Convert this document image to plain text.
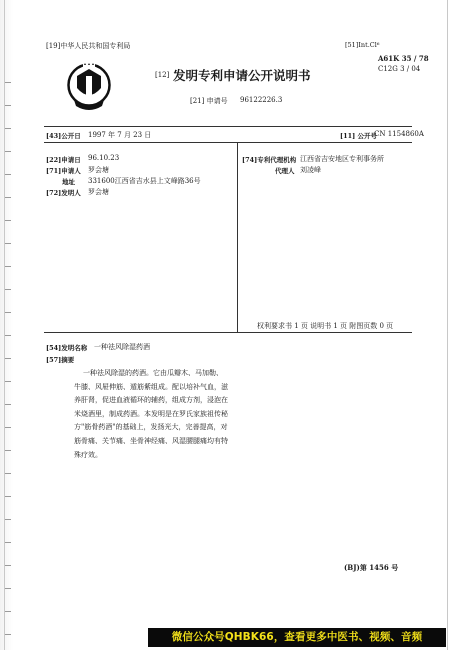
[19]中华人民共和国专利局
[12] 发明专利申请公开说明书
[21] 申请号 96122226.3
[51]Int.Cl⁶
A61K 35 / 78
C12G 3 / 04
[43]公开日 1997 年 7 月 23 日	[11] 公开号
CN 1154860A
[22]申请日 96.10.23
[71]申请人 罗会塘
地址 331600江西省吉水县上文峰路36号
[72]发明人 罗会塘
[74]专利代理机构 江西省吉安地区专利事务所
代理人 刘凌峰
权利要求书 1 页 说明书 1 页 附图页数 0 页
[54]发明名称 一种祛风除湿药酒
[57]摘要

一种祛风除湿的药酒。它由瓜瓣木、马加勒、

牛膝、风屉伸筋、遁筋紫组成。配以培补气血，滋

养肝肾，促进血液循环的辅药，组成方剂，浸泡在

米烧酒里，制成药酒。本发明是在罗氏家族祖传秘

方"筋骨药酒"的基础上，发扬光大，完善提高，对

筋骨痛、关节痛、坐骨神经痛、风湿腰腿痛均有特

殊疗效。

(BJ)第 1456 号
微信公众号QHBK66，查看更多中医书、视频、音频
